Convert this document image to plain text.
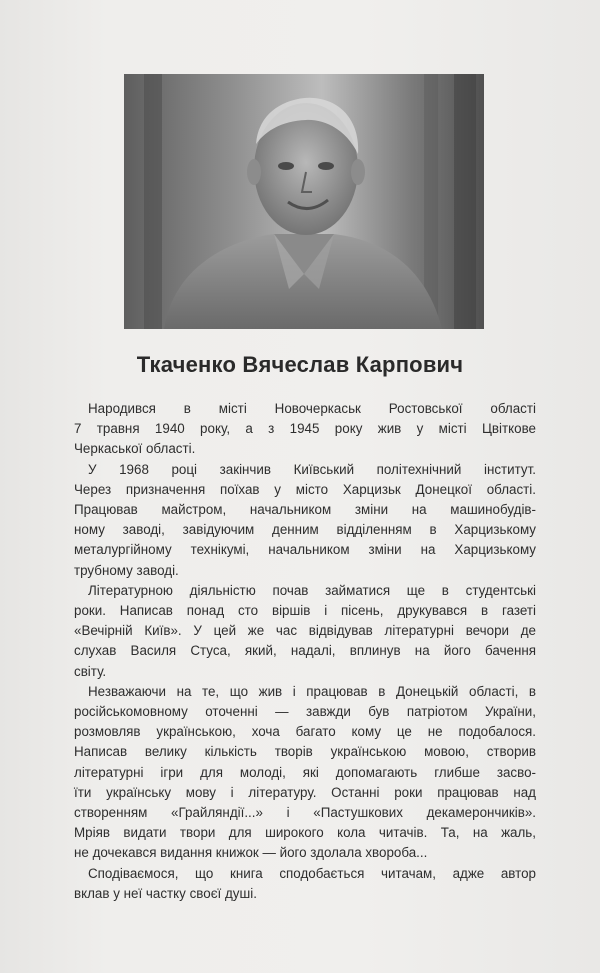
Ткаченко Вячеслав Карпович

Народився в місті Новочеркаськ Ростовської області
7 травня 1940 року, а з 1945 року жив у місті Цвіткове
Черкаської області.

У 1968 році закінчив Київський політехнічний інститут.
Через призначення поїхав у місто Харцизьк Донецкої області.
Працював майстром, начальником зміни на машинобудів-
ному заводі, завідуючим денним відділенням в Харцизькому
металургійному технікумі, начальником зміни на Харцизькому
трубному заводі.

Літературною діяльністю почав займатися ще в студентські
роки. Написав понад сто віршів і пісень, друкувався в газеті
«Вечірній Київ». У цей же час відвідував літературні вечори де
слухав Василя Стуса, який, надалі, вплинув на його бачення
світу.

Незважаючи на те, що жив і працював в Донецькій області, в
російськомовному оточенні — завжди був патріотом України,
розмовляв українською, хоча багато кому це не подобалося.
Написав велику кількість творів українською мовою, створив
літературні ігри для молоді, які допомагають глибше засво-
їти українську мову і літературу. Останні роки працював над
створенням «Грайляндії...» і «Пастушкових декамерончиків».
Мріяв видати твори для широкого кола читачів. Та, на жаль,
не дочекався видання книжок — його здолала хвороба...

Сподіваємося, що книга сподобається читачам, адже автор
вклав у неї частку своєї душі.
